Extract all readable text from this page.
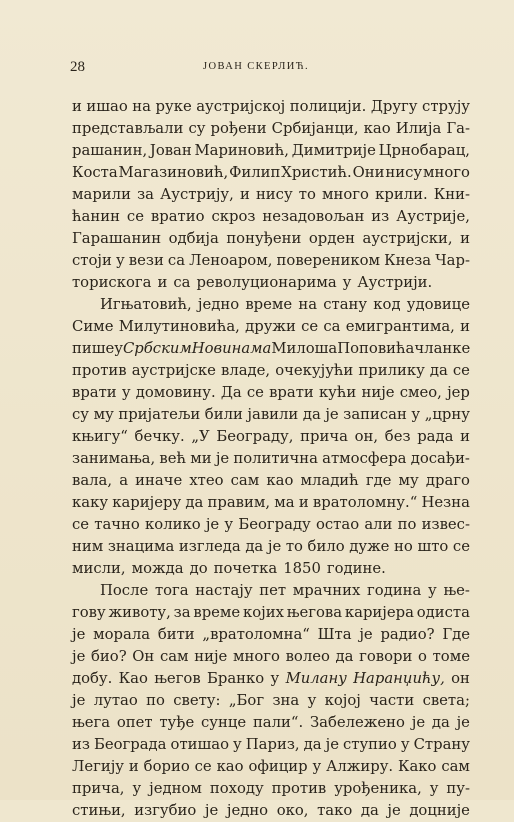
28	ЈОВАН СКЕРЛИЋ.
и ишао на руке аустријској полицији. Другу струју
представљали су рођени Србијанци, као Илија Га-
рашанин, Јован Мариновић, Димитрије Црнобарац,
Коста Магазиновић, Филип Христић. Они нису много
марили за Аустрију, и нису то много крили. Кни-
ћанин се вратио скроз незадовољан из Аустрије,
Гарашанин одбија понуђени орден аустријски, и
стоји у вези са Леноаром, повереником Кнеза Чар-
торискога и са револуционарима у Аустрији.
Игњатовић, једно време на стану код удовице
Симе Милутиновића, дружи се са емигрантима, и
пише у Србским Новинама Милоша Поповића чланке
против аустријске владе, очекујући прилику да се
врати у домовину. Да се врати кући није смео, јер
су му пријатељи били јавили да је записан у „црну
књигу“ бечку. „У Београду, прича он, без рада и
занимања, већ ми је политична атмосфера досађи-
вала, а иначе хтео сам као младић где му драго
каку каријеру да правим, ма и вратоломну.“ Незна
се тачно колико је у Београду остао али по извес-
ним знацима изгледа да је то било дуже но што се
мисли, можда до почетка 1850 године.
После тога настају пет мрачних година у ње-
гову животу, за време којих његова каријера одиста
је морала бити „вратоломна“ Шта је радио? Где
је био? Он сам није много волео да говори о томе
добу. Као његов Бранко у Милану Наранџићу, он
је лутао по свету: „Бог зна у којој части света;
њега опет туђе сунце пали“. Забележено је да је
из Београда отишао у Париз, да је ступио у Страну
Легију и борио се као официр у Алжиру. Како сам
прича, у једном походу против урођеника, у пу-
стињи, изгубио је једно око, тако да је доцније
